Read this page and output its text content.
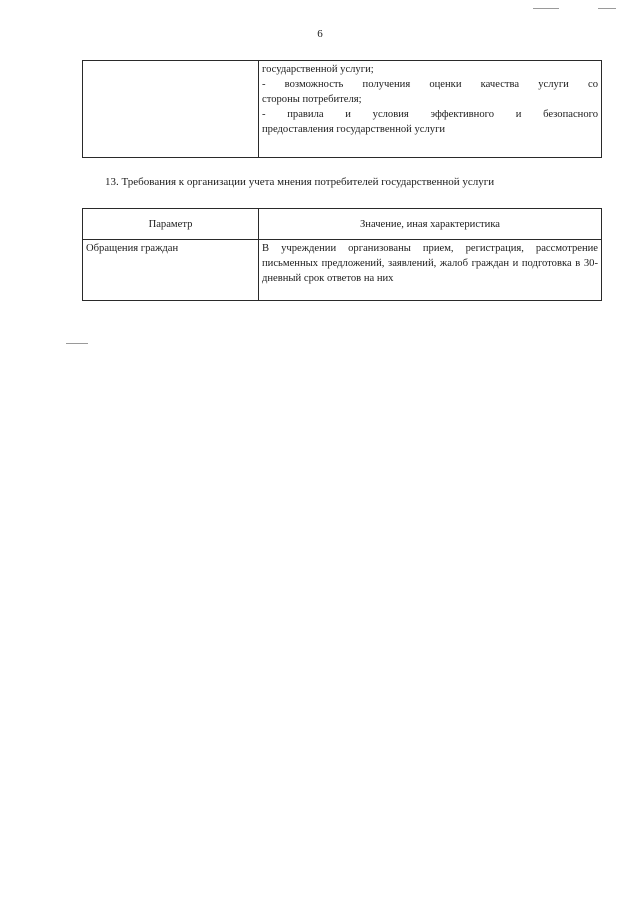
6

государственной услуги;
- возможность получения оценки качества услуги со
стороны потребителя;
- правила и условия эффективного и безопасного
предоставления государственной услуги
13. Требования к организации учета мнения потребителей государственной услуги
Параметр	Значение, иная характеристика
Обращения граждан	В учреждении организованы прием, регистрация, рассмотрение письменных предложений, заявлений, жалоб граждан и подготовка в 30-дневный срок ответов на них
